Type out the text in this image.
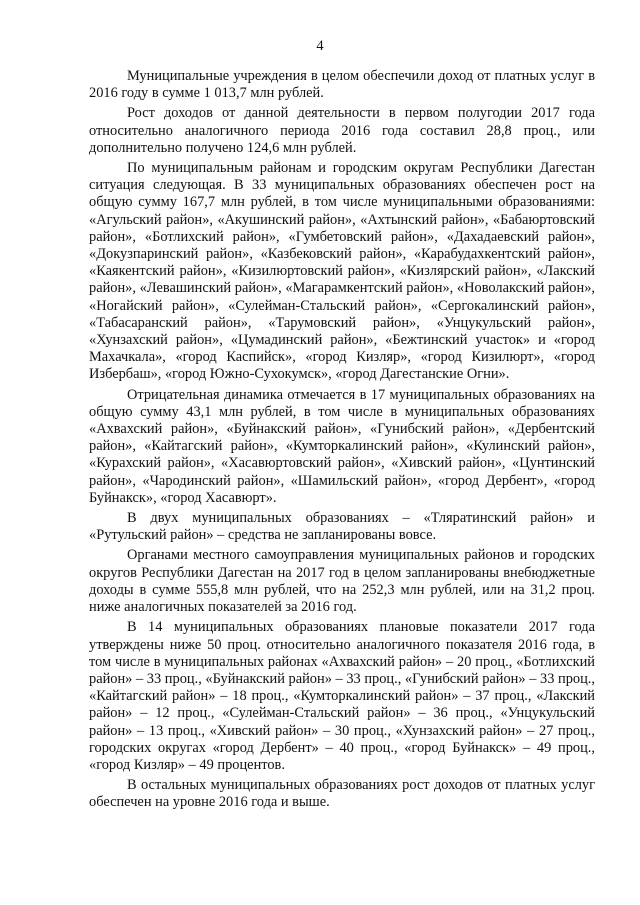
4

Муниципальные учреждения в целом обеспечили доход от платных услуг в 2016 году в сумме 1 013,7 млн рублей.

Рост доходов от данной деятельности в первом полугодии 2017 года относительно аналогичного периода 2016 года составил 28,8 проц., или дополнительно получено 124,6 млн рублей.

По муниципальным районам и городским округам Республики Дагестан ситуация следующая. В 33 муниципальных образованиях обеспечен рост на общую сумму 167,7 млн рублей, в том числе муниципальными образованиями: «Агульский район», «Акушинский район», «Ахтынский район», «Бабаюртовский район», «Ботлихский район», «Гумбетовский район», «Дахадаевский район», «Докузпаринский район», «Казбековский район», «Карабудахкентский район», «Каякентский район», «Кизилюртовский район», «Кизлярский район», «Лакский район», «Левашинский район», «Магарамкентский район», «Новолакский район», «Ногайский район», «Сулейман-Стальский район», «Сергокалинский район», «Табасаранский район», «Тарумовский район», «Унцукульский район», «Хунзахский район», «Цумадинский район», «Бежтинский участок» и «город Махачкала», «город Каспийск», «город Кизляр», «город Кизилюрт», «город Избербаш», «город Южно-Сухокумск», «город Дагестанские Огни».

Отрицательная динамика отмечается в 17 муниципальных образованиях на общую сумму 43,1 млн рублей, в том числе в муниципальных образованиях «Ахвахский район», «Буйнакский район», «Гунибский район», «Дербентский район», «Кайтагский район», «Кумторкалинский район», «Кулинский район», «Курахский район», «Хасавюртовский район», «Хивский район», «Цунтинский район», «Чародинский район», «Шамильский район», «город Дербент», «город Буйнакск», «город Хасавюрт».

В двух муниципальных образованиях – «Тляратинский район» и «Рутульский район» – средства не запланированы вовсе.

Органами местного самоуправления муниципальных районов и городских округов Республики Дагестан на 2017 год в целом запланированы внебюджетные доходы в сумме 555,8 млн рублей, что на 252,3 млн рублей, или на 31,2 проц. ниже аналогичных показателей за 2016 год.

В 14 муниципальных образованиях плановые показатели 2017 года утверждены ниже 50 проц. относительно аналогичного показателя 2016 года, в том числе в муниципальных районах «Ахвахский район» – 20 проц., «Ботлихский район» – 33 проц., «Буйнакский район» – 33 проц., «Гунибский район» – 33 проц., «Кайтагский район» – 18 проц., «Кумторкалинский район» – 37 проц., «Лакский район» – 12 проц., «Сулейман-Стальский район» – 36 проц., «Унцукульский район» – 13 проц., «Хивский район» – 30 проц., «Хунзахский район» – 27 проц., городских округах «город Дербент» – 40 проц., «город Буйнакск» – 49 проц., «город Кизляр» – 49 процентов.

В остальных муниципальных образованиях рост доходов от платных услуг обеспечен на уровне 2016 года и выше.
